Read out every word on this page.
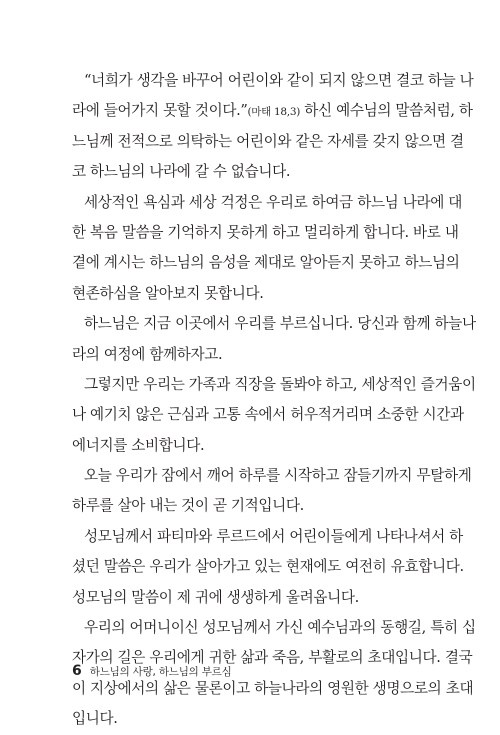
“너희가 생각을 바꾸어 어린이와 같이 되지 않으면 결코 하늘 나
라에 들어가지 못할 것이다.”(마태 18,3) 하신 예수님의 말씀처럼, 하
느님께 전적으로 의탁하는 어린이와 같은 자세를 갖지 않으면 결
코 하느님의 나라에 갈 수 없습니다.
세상적인 욕심과 세상 걱정은 우리로 하여금 하느님 나라에 대
한 복음 말씀을 기억하지 못하게 하고 멀리하게 합니다. 바로 내
곁에 계시는 하느님의 음성을 제대로 알아듣지 못하고 하느님의
현존하심을 알아보지 못합니다.
하느님은 지금 이곳에서 우리를 부르십니다. 당신과 함께 하늘나
라의 여정에 함께하자고.
그렇지만 우리는 가족과 직장을 돌봐야 하고, 세상적인 즐거움이
나 예기치 않은 근심과 고통 속에서 허우적거리며 소중한 시간과
에너지를 소비합니다.
오늘 우리가 잠에서 깨어 하루를 시작하고 잠들기까지 무탈하게
하루를 살아 내는 것이 곧 기적입니다.
성모님께서 파티마와 루르드에서 어린이들에게 나타나셔서 하
셨던 말씀은 우리가 살아가고 있는 현재에도 여전히 유효합니다.
성모님의 말씀이 제 귀에 생생하게 울려옵니다.
우리의 어머니이신 성모님께서 가신 예수님과의 동행길, 특히 십
자가의 길은 우리에게 귀한 삶과 죽음, 부활로의 초대입니다. 결국
이 지상에서의 삶은 물론이고 하늘나라의 영원한 생명으로의 초대
입니다.
6 하느님의 사랑, 하느님의 부르심
